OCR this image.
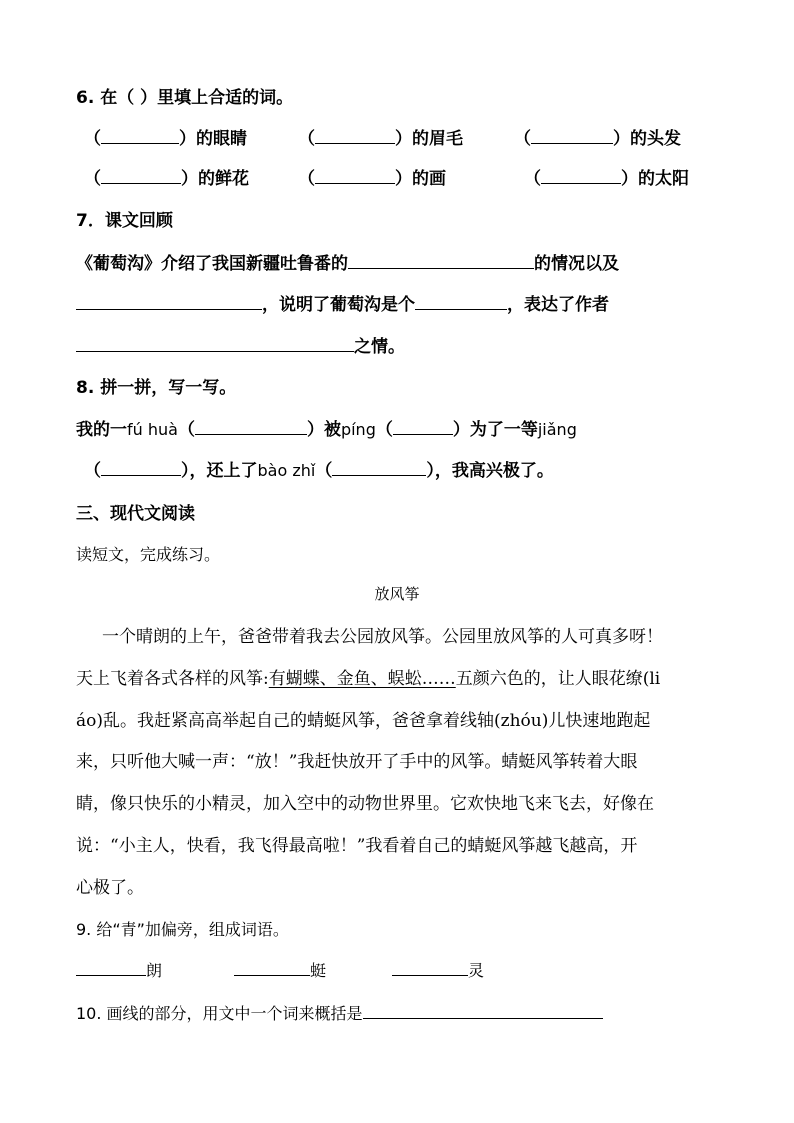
6. 在（ ）里填上合适的词。
（	）的眼睛	（	）的眉毛	（	）的头发
（	）的鲜花	（	）的画	（	）的太阳
7．课文回顾
《葡萄沟》介绍了我国新疆吐鲁番的	的情况以及
，说明了葡萄沟是个	，表达了作者
之情。
8. 拼一拼，写一写。
我的一fú huà（	）被píng（	）为了一等jiǎng
（	），还上了bào zhǐ（	），我高兴极了。
三、现代文阅读
读短文，完成练习。
放风筝
一个晴朗的上午，爸爸带着我去公园放风筝。公园里放风筝的人可真多呀！
天上飞着各式各样的风筝:有蝴蝶、金鱼、蜈蚣……五颜六色的，让人眼花缭(li
áo)乱。我赶紧高高举起自己的蜻蜓风筝，爸爸拿着线轴(zhóu)儿快速地跑起
来，只听他大喊一声：“放！”我赶快放开了手中的风筝。蜻蜓风筝转着大眼
睛，像只快乐的小精灵，加入空中的动物世界里。它欢快地飞来飞去，好像在
说：“小主人，快看，我飞得最高啦！”我看着自己的蜻蜓风筝越飞越高，开
心极了。
9. 给“青”加偏旁，组成词语。
朗	蜓	灵
10. 画线的部分，用文中一个词来概括是
